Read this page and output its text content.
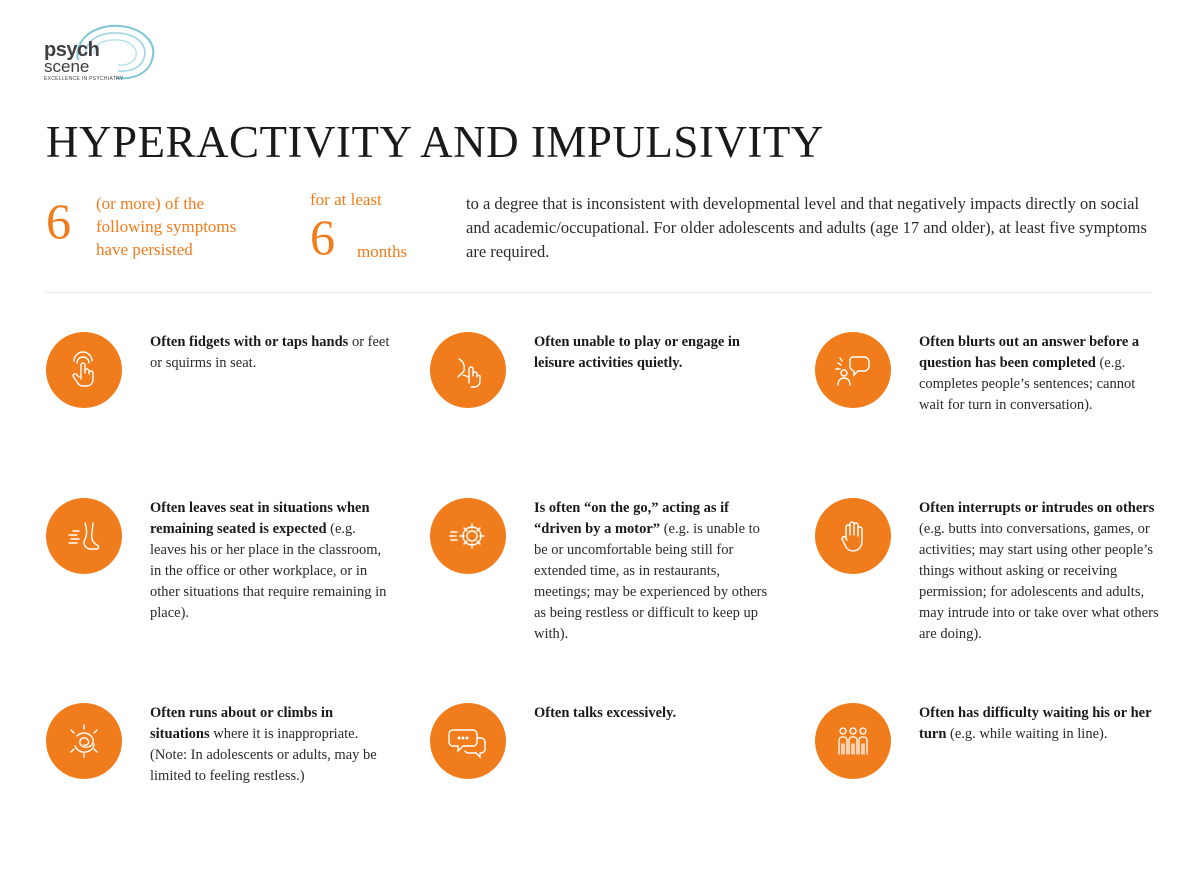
psych
scene
EXCELLENCE IN PSYCHIATRY
HYPERACTIVITY AND IMPULSIVITY
6 (or more) of the
following symptoms
have persisted
for at least
6 months
to a degree that is inconsistent with developmental level and that negatively impacts directly on social and academic/occupational. For older adolescents and adults (age 17 and older), at least five symptoms are required.
Often fidgets with or taps hands or feet or squirms in seat.
Often unable to play or engage in leisure activities quietly.
Often blurts out an answer before a question has been completed (e.g. completes people’s sentences; cannot wait for turn in conversation).
Often leaves seat in situations when remaining seated is expected (e.g. leaves his or her place in the classroom, in the office or other workplace, or in other situations that require remaining in place).
Is often “on the go,” acting as if “driven by a motor” (e.g. is unable to be or uncomfortable being still for extended time, as in restaurants, meetings; may be experienced by others as being restless or difficult to keep up with).
Often interrupts or intrudes on others (e.g. butts into conversations, games, or activities; may start using other people’s things without asking or receiving permission; for adolescents and adults, may intrude into or take over what others are doing).
Often runs about or climbs in situations where it is inappropriate. (Note: In adolescents or adults, may be limited to feeling restless.)
Often talks excessively.	Often has difficulty waiting his or her turn (e.g. while waiting in line).
